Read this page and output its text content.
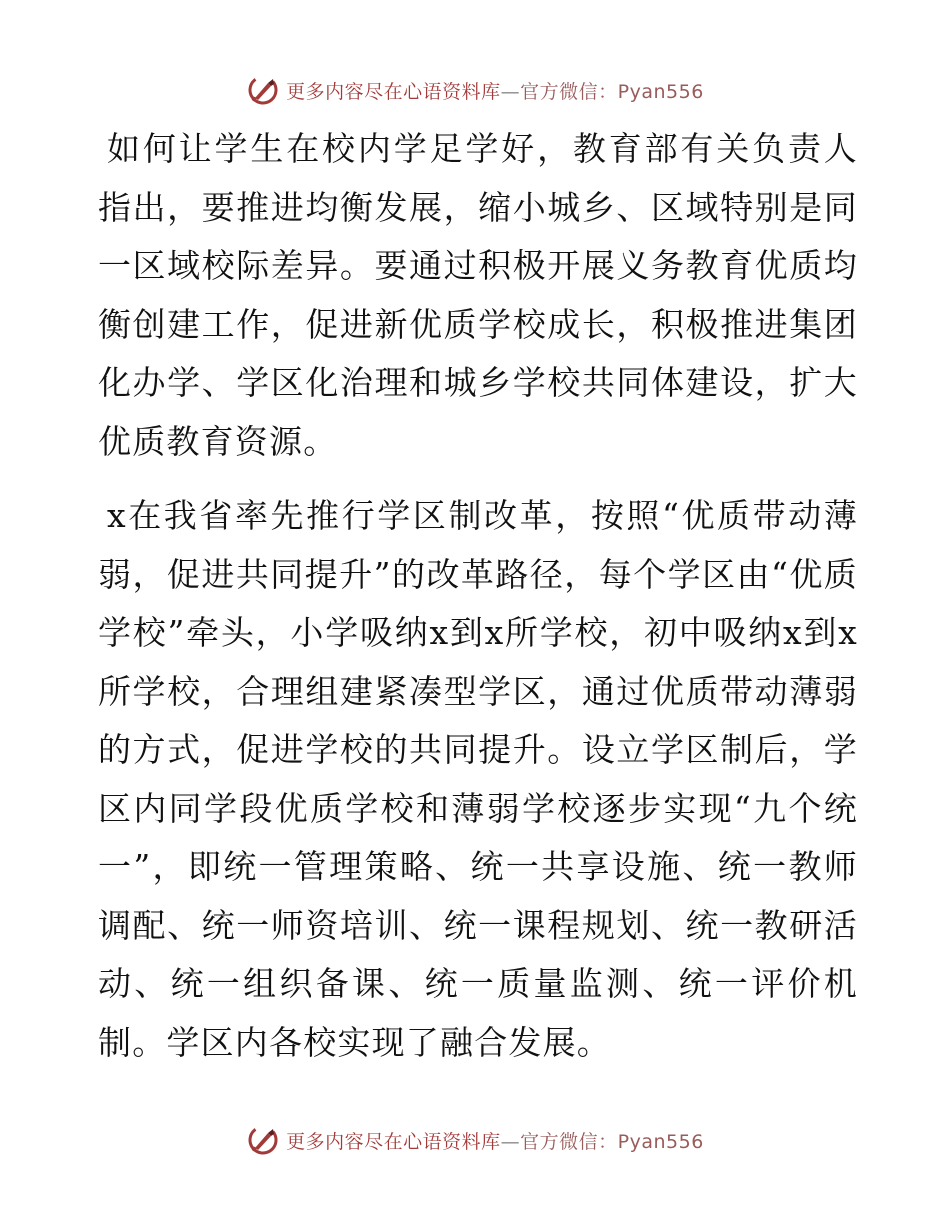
更多内容尽在心语资料库—官方微信：Pyan556

如何让学生在校内学足学好，教育部有关负责人指出，要推进均衡发展，缩小城乡、区域特别是同一区域校际差异。要通过积极开展义务教育优质均衡创建工作，促进新优质学校成长，积极推进集团化办学、学区化治理和城乡学校共同体建设，扩大优质教育资源。

x在我省率先推行学区制改革，按照“优质带动薄弱，促进共同提升”的改革路径，每个学区由“优质学校”牵头，小学吸纳x到x所学校，初中吸纳x到x所学校，合理组建紧凑型学区，通过优质带动薄弱的方式，促进学校的共同提升。设立学区制后，学区内同学段优质学校和薄弱学校逐步实现“九个统一”，即统一管理策略、统一共享设施、统一教师调配、统一师资培训、统一课程规划、统一教研活动、统一组织备课、统一质量监测、统一评价机制。学区内各校实现了融合发展。

更多内容尽在心语资料库—官方微信：Pyan556
